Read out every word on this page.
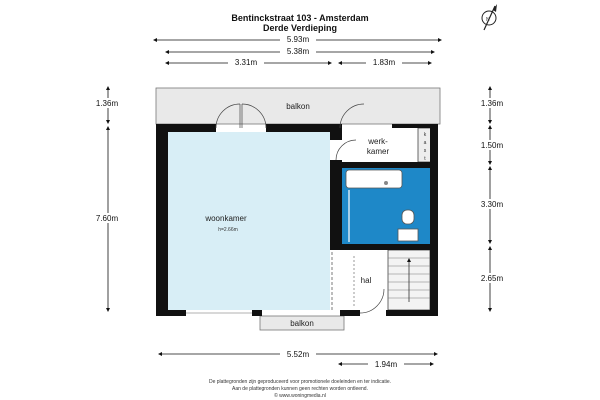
Bentinckstraat 103 - Amsterdam
Derde Verdieping
N
5.93m
5.38m
3.31m	1.83m
1.36m
7.60m
1.36m
1.50m
3.30m
2.65m
5.52m
1.94m
balkon
balkon
woonkamer
h=2.66m
werk-
kamer
k
a
s
t
hal
De plattegronden zijn geproduceerd voor promotionele doeleinden en ter indicatie.
Aan de plattegronden kunnen geen rechten worden ontleend.
© www.woningmedia.nl
